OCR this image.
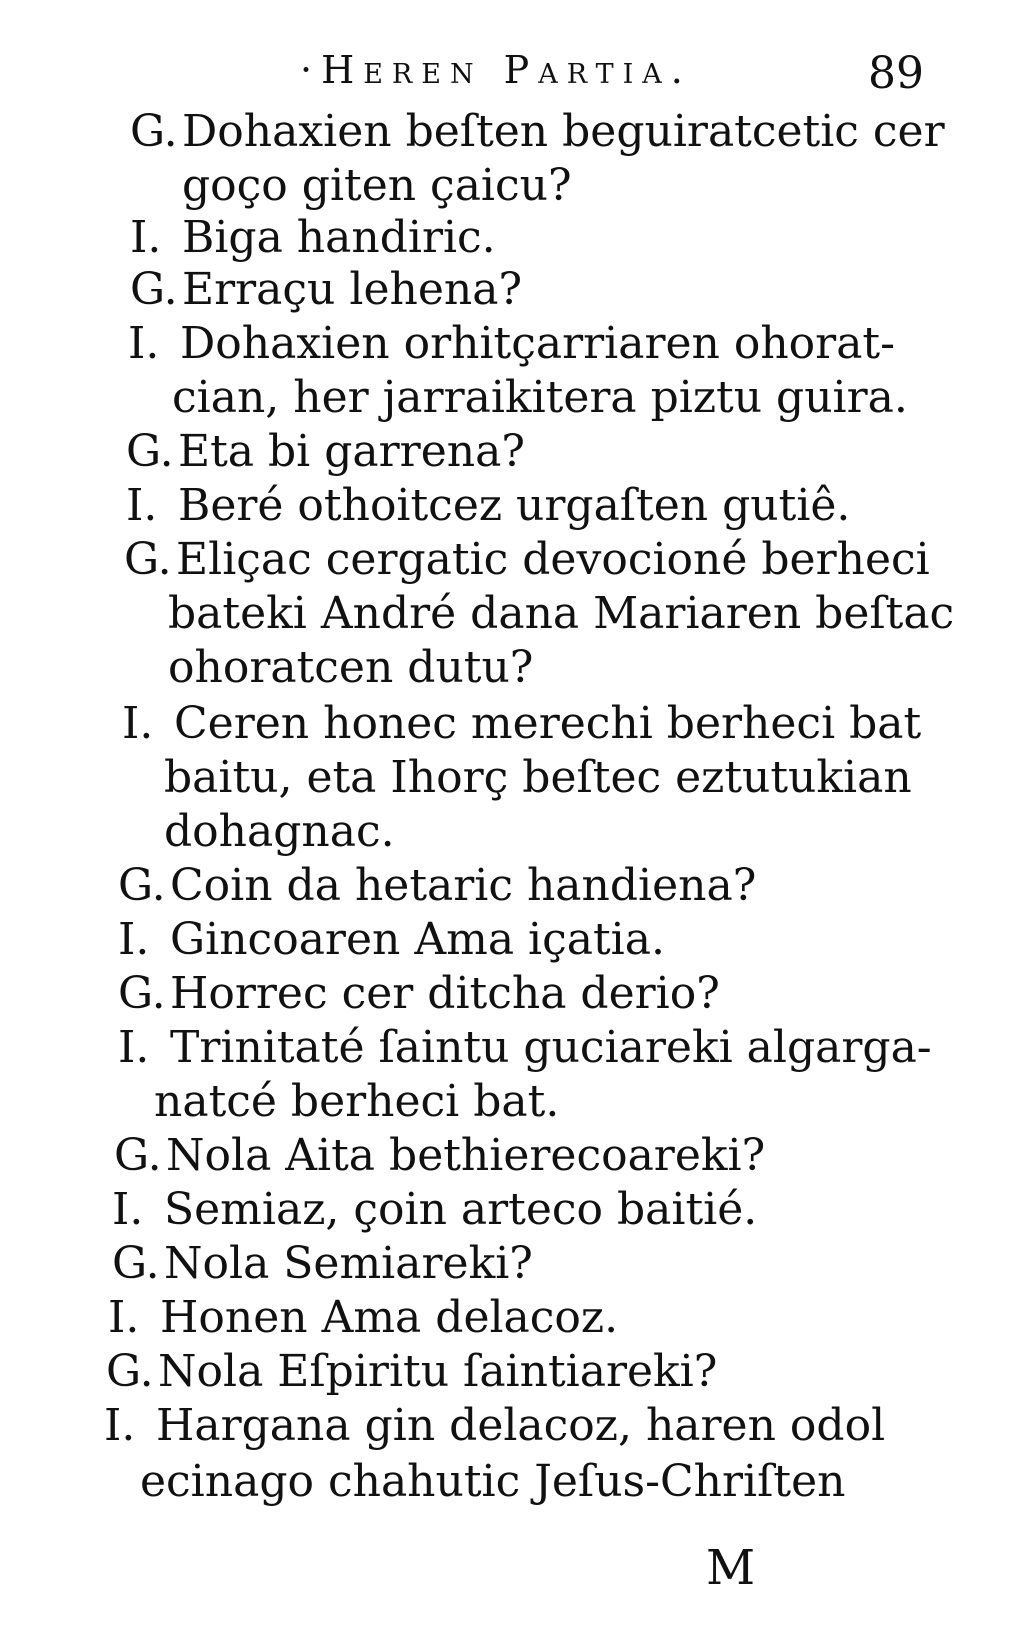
·Heren Partia.	89
G. Dohaxien beſten beguiratcetic cer
goço giten çaicu?
I. Biga handiric.
G. Erraçu lehena?
I. Dohaxien orhitçarriaren ohorat-
cian, her jarraikitera piztu guira.
G. Eta bi garrena?
I. Beré othoitcez urgaſten gutiê.
G. Eliçac cergatic devocioné berheci
bateki André dana Mariaren beſtac
ohoratcen dutu?
I. Ceren honec merechi berheci bat
baitu, eta Ihorç beſtec eztutukian
dohagnac.
G. Coin da hetaric handiena?
I. Gincoaren Ama içatia.
G. Horrec cer ditcha derio?
I. Trinitaté ſaintu guciareki algarga-
natcé berheci bat.
G. Nola Aita bethierecoareki?
I. Semiaz, çoin arteco baitié.
G. Nola Semiareki?
I. Honen Ama delacoz.
G. Nola Eſpiritu ſaintiareki?
I. Hargana gin delacoz, haren odol
ecinago chahutic Jeſus-Chriſten
M
